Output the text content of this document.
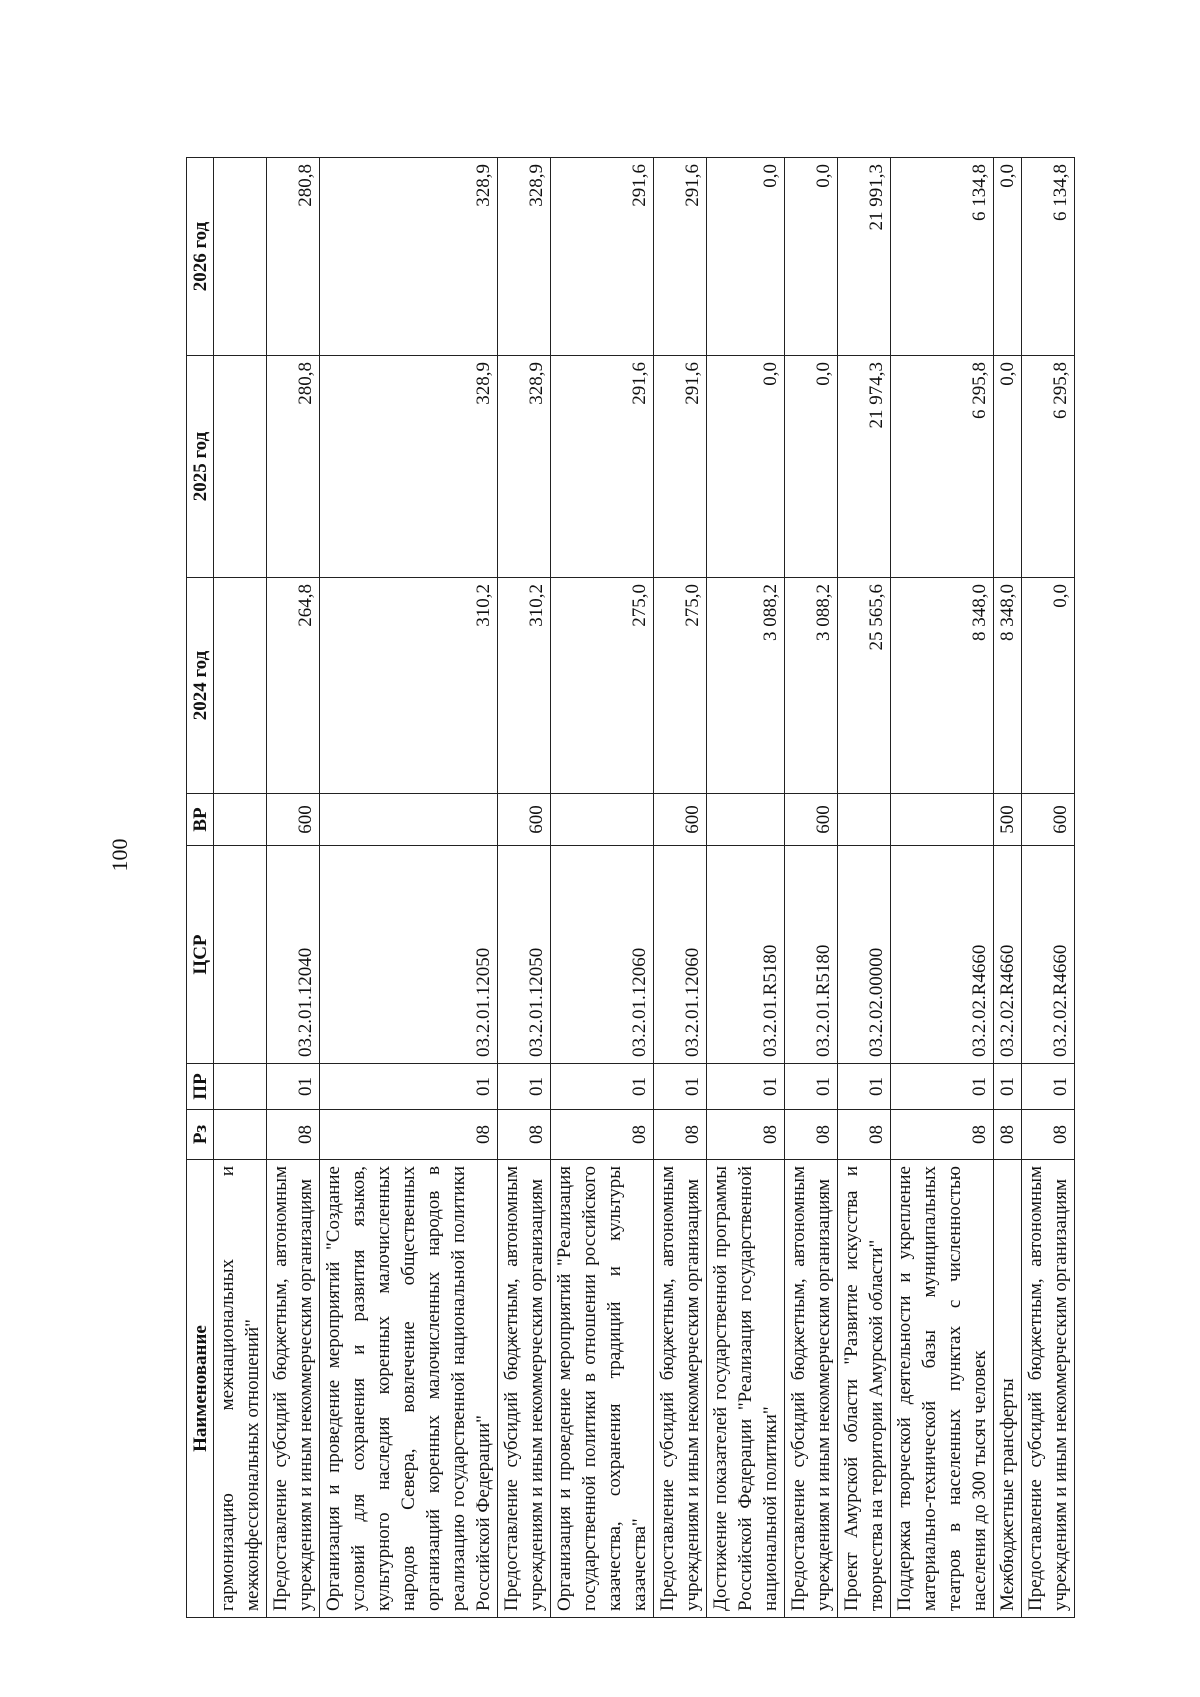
100
Наименование	Рз	ПР	ЦСР	ВР	2024 год	2025 год	2026 год
гармонизацию межнациональных и межконфессиональных отношений"							
Предоставление субсидий бюджетным, автономным учреждениям и иным некоммерческим организациям	08	01	03.2.01.12040	600	264,8	280,8	280,8
Организация и проведение мероприятий "Создание условий для сохранения и развития языков, культурного наследия коренных малочисленных народов Севера, вовлечение общественных организаций коренных малочисленных народов в реализацию государственной национальной политики Российской Федерации"	08	01	03.2.01.12050		310,2	328,9	328,9
Предоставление субсидий бюджетным, автономным учреждениям и иным некоммерческим организациям	08	01	03.2.01.12050	600	310,2	328,9	328,9
Организация и проведение мероприятий "Реализация государственной политики в отношении российского казачества, сохранения традиций и культуры казачества"	08	01	03.2.01.12060		275,0	291,6	291,6
Предоставление субсидий бюджетным, автономным учреждениям и иным некоммерческим организациям	08	01	03.2.01.12060	600	275,0	291,6	291,6
Достижение показателей государственной программы Российской Федерации "Реализация государственной национальной политики"	08	01	03.2.01.R5180		3 088,2	0,0	0,0
Предоставление субсидий бюджетным, автономным учреждениям и иным некоммерческим организациям	08	01	03.2.01.R5180	600	3 088,2	0,0	0,0
Проект Амурской области "Развитие искусства и творчества на территории Амурской области"	08	01	03.2.02.00000		25 565,6	21 974,3	21 991,3
Поддержка творческой деятельности и укрепление материально-технической базы муниципальных театров в населенных пунктах с численностью населения до 300 тысяч человек	08	01	03.2.02.R4660		8 348,0	6 295,8	6 134,8
Межбюджетные трансферты	08	01	03.2.02.R4660	500	8 348,0	0,0	0,0
Предоставление субсидий бюджетным, автономным учреждениям и иным некоммерческим организациям	08	01	03.2.02.R4660	600	0,0	6 295,8	6 134,8
